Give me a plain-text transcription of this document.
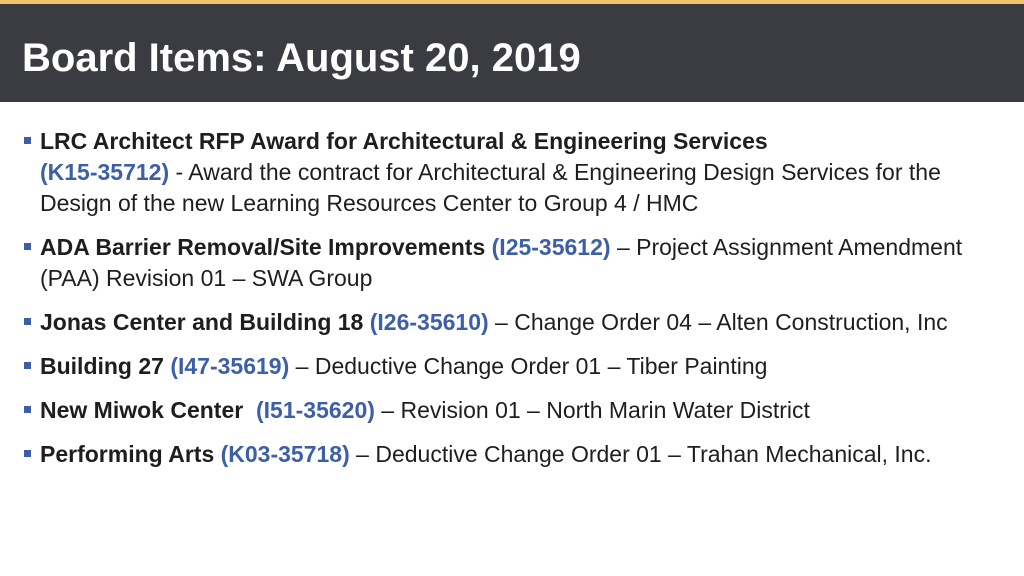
Board Items: August 20, 2019
LRC Architect RFP Award for Architectural & Engineering Services
(K15-35712) - Award the contract for Architectural & Engineering Design Services for the Design of the new Learning Resources Center to Group 4 / HMC
ADA Barrier Removal/Site Improvements (I25-35612) – Project Assignment Amendment (PAA) Revision 01 – SWA Group
Jonas Center and Building 18 (I26-35610) – Change Order 04 – Alten Construction, Inc
Building 27 (I47-35619) – Deductive Change Order 01 – Tiber Painting
New Miwok Center (I51-35620) – Revision 01 – North Marin Water District
Performing Arts (K03-35718) – Deductive Change Order 01 – Trahan Mechanical, Inc.
